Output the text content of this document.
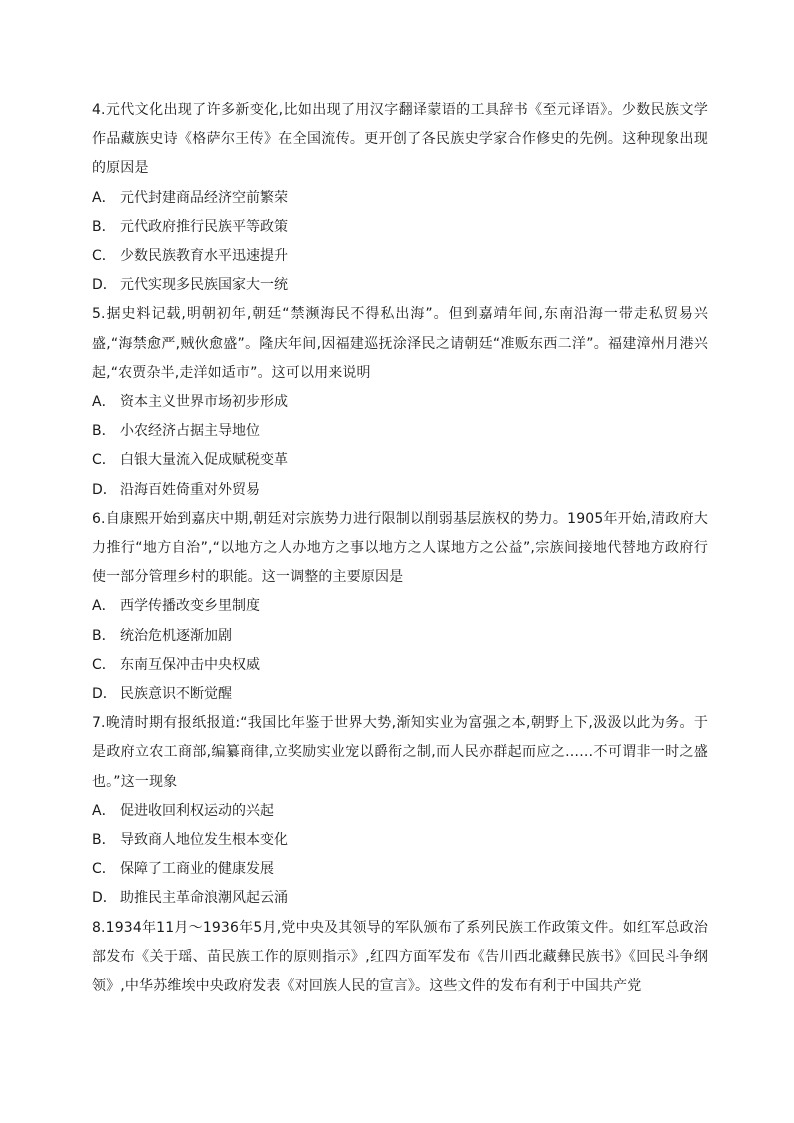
4.元代文化出现了许多新变化,比如出现了用汉字翻译蒙语的工具辞书《至元译语》。少数民族文学作品藏族史诗《格萨尔王传》在全国流传。更开创了各民族史学家合作修史的先例。这种现象出现的原因是

A． 元代封建商品经济空前繁荣
B． 元代政府推行民族平等政策
C． 少数民族教育水平迅速提升
D． 元代实现多民族国家大一统

5.据史料记载,明朝初年,朝廷“禁濒海民不得私出海”。但到嘉靖年间,东南沿海一带走私贸易兴盛,“海禁愈严,贼伙愈盛”。隆庆年间,因福建巡抚涂泽民之请朝廷“准贩东西二洋”。福建漳州月港兴起,“农贾杂半,走洋如适市”。这可以用来说明

A． 资本主义世界市场初步形成
B． 小农经济占据主导地位
C． 白银大量流入促成赋税变革
D． 沿海百姓倚重对外贸易

6.自康熙开始到嘉庆中期,朝廷对宗族势力进行限制以削弱基层族权的势力。1905年开始,清政府大力推行“地方自治”,“以地方之人办地方之事以地方之人谋地方之公益”,宗族间接地代替地方政府行使一部分管理乡村的职能。这一调整的主要原因是

A． 西学传播改变乡里制度
B． 统治危机逐渐加剧
C． 东南互保冲击中央权威
D． 民族意识不断觉醒

7.晚清时期有报纸报道:“我国比年鉴于世界大势,渐知实业为富强之本,朝野上下,汲汲以此为务。于是政府立农工商部,编纂商律,立奖励实业宠以爵衔之制,而人民亦群起而应之……不可谓非一时之盛也。”这一现象

A． 促进收回利权运动的兴起
B． 导致商人地位发生根本变化
C． 保障了工商业的健康发展
D． 助推民主革命浪潮风起云涌

8.1934年11月～1936年5月,党中央及其领导的军队颁布了系列民族工作政策文件。如红军总政治部发布《关于瑶、苗民族工作的原则指示》,红四方面军发布《告川西北藏彝民族书》《回民斗争纲领》,中华苏维埃中央政府发表《对回族人民的宣言》。这些文件的发布有利于中国共产党
